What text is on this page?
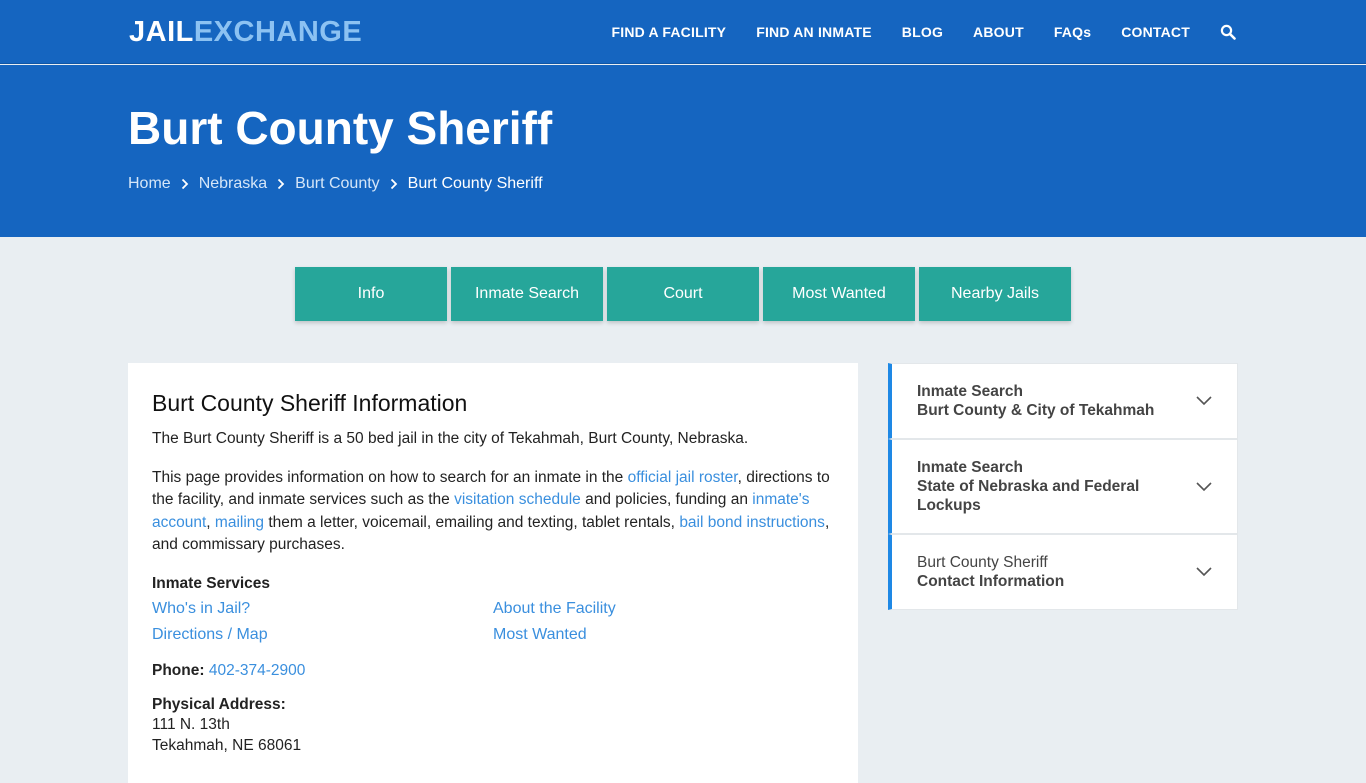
JAILEXCHANGE	FIND A FACILITY FIND AN INMATE BLOG ABOUT FAQs CONTACT
Burt County Sheriff
Home Nebraska Burt County Burt County Sheriff
Info	Inmate Search	Court	Most Wanted	Nearby Jails
Burt County Sheriff Information

The Burt County Sheriff is a 50 bed jail in the city of Tekahmah, Burt County, Nebraska.

This page provides information on how to search for an inmate in the official jail roster, directions to the facility, and inmate services such as the visitation schedule and policies, funding an inmate's account, mailing them a letter, voicemail, emailing and texting, tablet rentals, bail bond instructions, and commissary purchases.

Inmate Services
Who's in Jail?	About the Facility
Directions / Map	Most Wanted
Phone: 402-374-2900
Physical Address:
111 N. 13th
Tekahmah, NE 68061
Inmate Search
Burt County & City of Tekahmah
Inmate Search
State of Nebraska and Federal Lockups
Burt County Sheriff
Contact Information
